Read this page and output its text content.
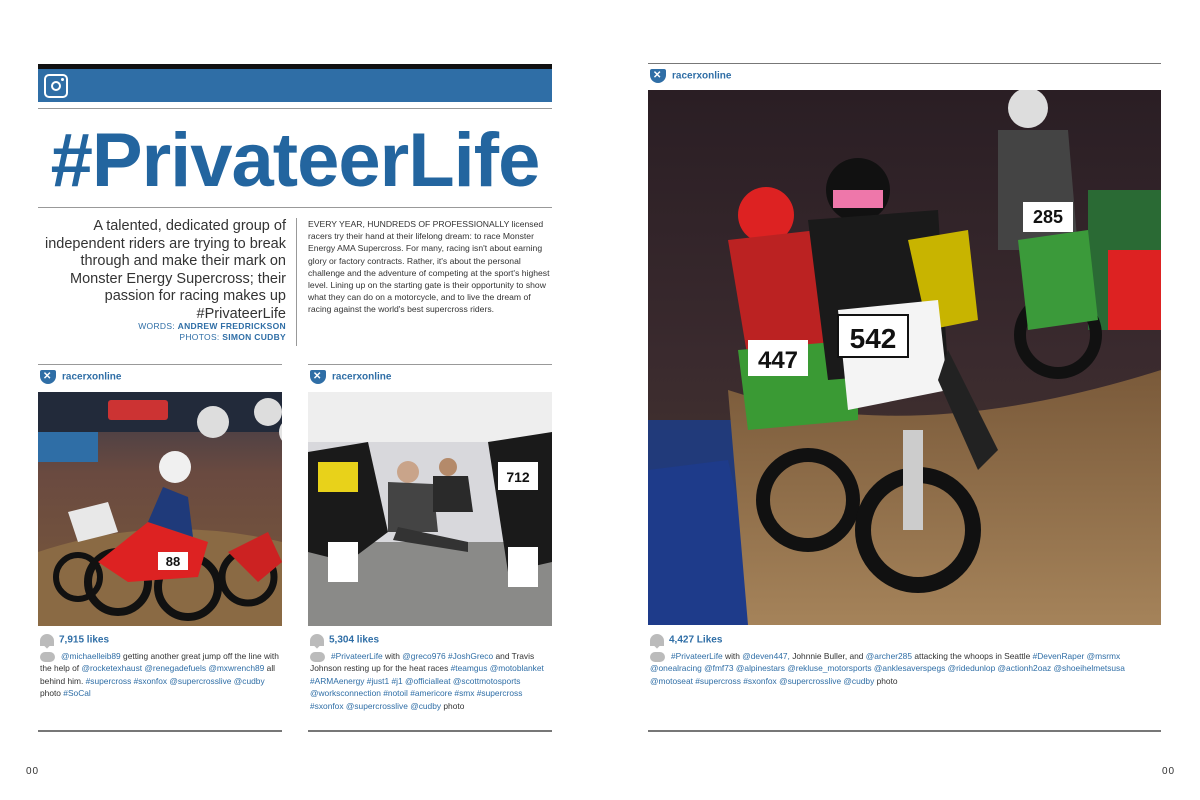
#PrivateerLife
A talented, dedicated group of independent riders are trying to break through and make their mark on Monster Energy Supercross; their passion for racing makes up #PrivateerLife
WORDS: ANDREW FREDRICKSON
PHOTOS: SIMON CUDBY
EVERY YEAR, HUNDREDS OF PROFESSIONALLY licensed racers try their hand at their lifelong dream: to race Monster Energy AMA Supercross. For many, racing isn't about earning glory or factory contracts. Rather, it's about the personal challenge and the adventure of competing at the sport's highest level. Lining up on the starting gate is their opportunity to show what they can do on a motorcycle, and to live the dream of racing against the world's best supercross riders.
✕racerxonline
88
7,915 likes
@michaelleib89 getting another great jump off the line with the help of @rocketexhaust @renegadefuels @mxwrench89 all behind him. #supercross #sxonfox @supercrosslive @cudby photo #SoCal
✕racerxonline
712
5,304 likes
#PrivateerLife with @greco976 #JoshGreco and Travis Johnson resting up for the heat races #teamgus @motoblanket #ARMAenergy #just1 #j1 @officialleat @scottmotosports @worksconnection #notoil #americore #smx #supercross #sxonfox @supercrosslive @cudby photo
00
✕racerxonline
285
447
542
4,427 Likes
#PrivateerLife with @deven447, Johnnie Buller, and @archer285 attacking the whoops in Seattle #DevenRaper @msrmx @onealracing @fmf73 @alpinestars @rekluse_motorsports @anklesaverspegs @ridedunlop @actionh2oaz @shoeihelmetsusa @motoseat #supercross #sxonfox @supercrosslive @cudby photo
00
